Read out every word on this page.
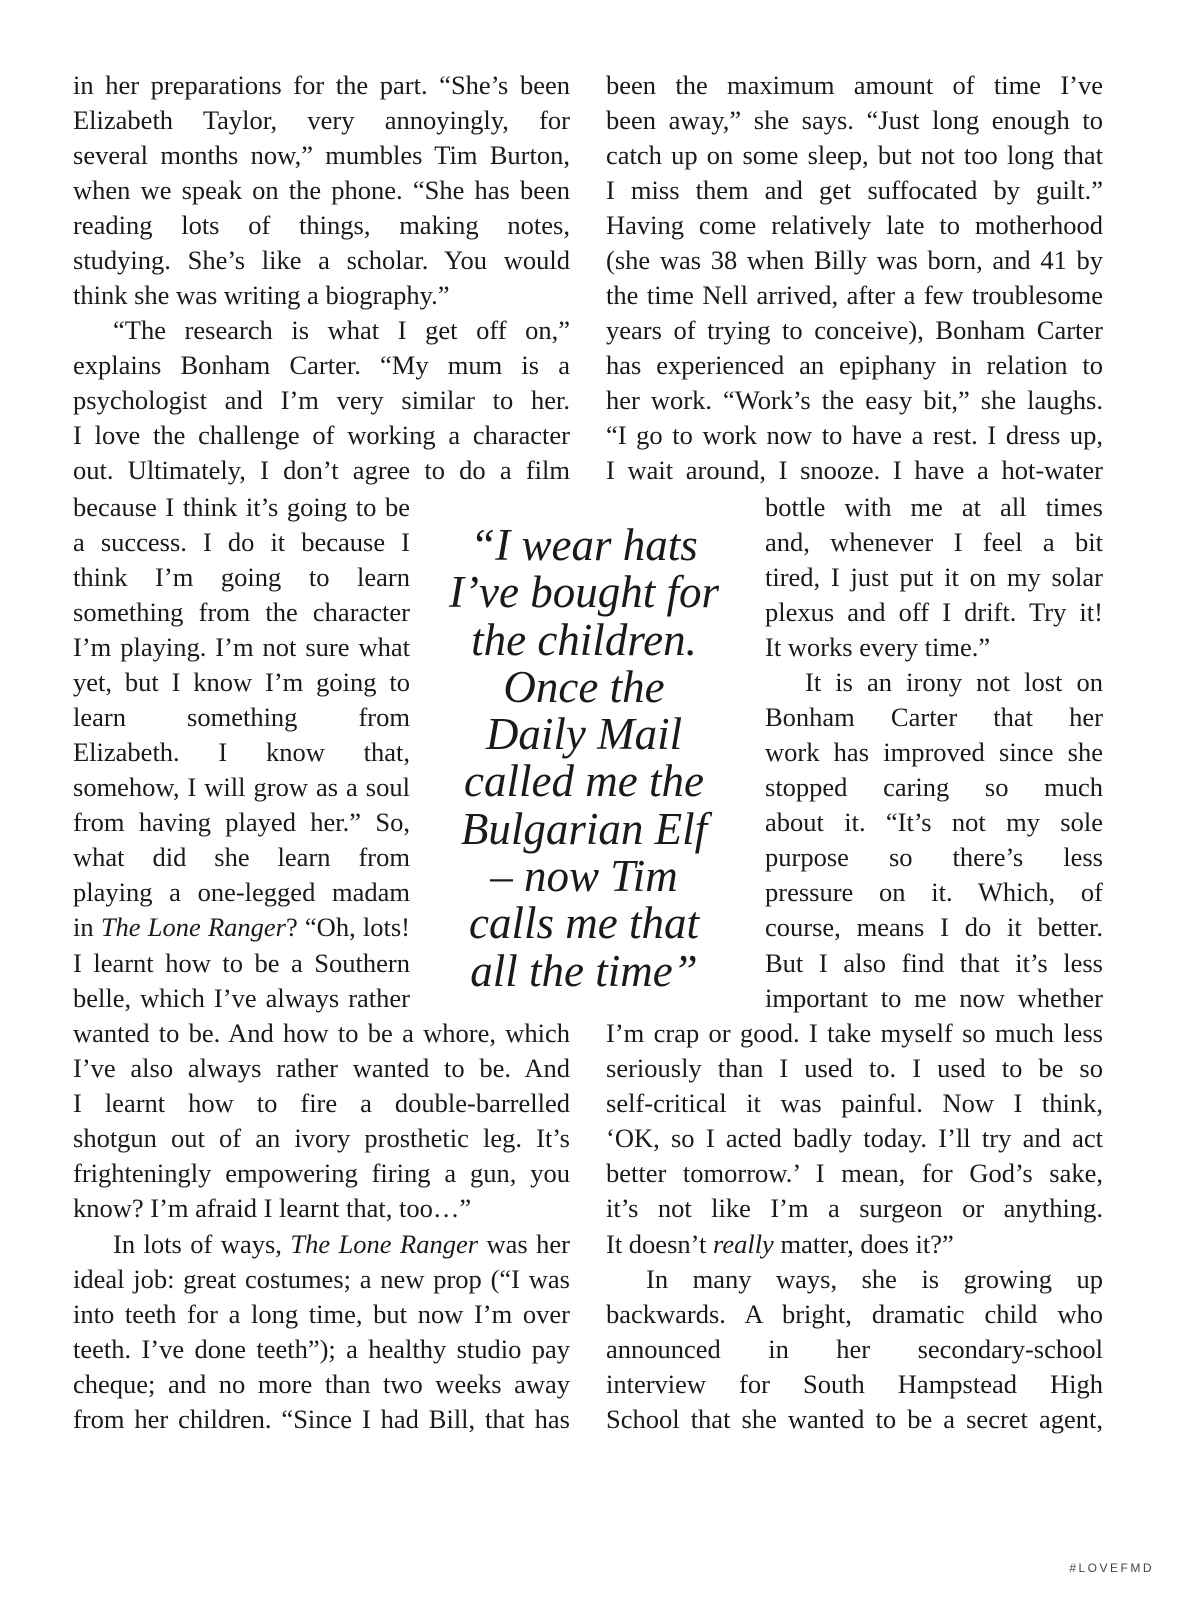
in her preparations for the part. “She’s been
Elizabeth Taylor, very annoyingly, for
several months now,” mumbles Tim Burton,
when we speak on the phone. “She has been
reading lots of things, making notes,
studying. She’s like a scholar. You would
think she was writing a biography.”
“The research is what I get off on,”
explains Bonham Carter. “My mum is a
psychologist and I’m very similar to her.
I love the challenge of working a character
out. Ultimately, I don’t agree to do a film
because I think it’s going to be
a success. I do it because I
think I’m going to learn
something from the character
I’m playing. I’m not sure what
yet, but I know I’m going to
learn something from
Elizabeth. I know that,
somehow, I will grow as a soul
from having played her.” So,
what did she learn from
playing a one-legged madam
in The Lone Ranger? “Oh, lots!
I learnt how to be a Southern
belle, which I’ve always rather
wanted to be. And how to be a whore, which
I’ve also always rather wanted to be. And
I learnt how to fire a double-barrelled
shotgun out of an ivory prosthetic leg. It’s
frighteningly empowering firing a gun, you
know? I’m afraid I learnt that, too…”
In lots of ways, The Lone Ranger was her
ideal job: great costumes; a new prop (“I was
into teeth for a long time, but now I’m over
teeth. I’ve done teeth”); a healthy studio pay
cheque; and no more than two weeks away
from her children. “Since I had Bill, that has
“I wear hats
I’ve bought for
the children.
Once the
Daily Mail
called me the
Bulgarian Elf
– now Tim
calls me that
all the time”
been the maximum amount of time I’ve
been away,” she says. “Just long enough to
catch up on some sleep, but not too long that
I miss them and get suffocated by guilt.”
Having come relatively late to motherhood
(she was 38 when Billy was born, and 41 by
the time Nell arrived, after a few troublesome
years of trying to conceive), Bonham Carter
has experienced an epiphany in relation to
her work. “Work’s the easy bit,” she laughs.
“I go to work now to have a rest. I dress up,
I wait around, I snooze. I have a hot-water
bottle with me at all times
and, whenever I feel a bit
tired, I just put it on my solar
plexus and off I drift. Try it!
It works every time.”
It is an irony not lost on
Bonham Carter that her
work has improved since she
stopped caring so much
about it. “It’s not my sole
purpose so there’s less
pressure on it. Which, of
course, means I do it better.
But I also find that it’s less
important to me now whether
I’m crap or good. I take myself so much less
seriously than I used to. I used to be so
self-critical it was painful. Now I think,
‘OK, so I acted badly today. I’ll try and act
better tomorrow.’ I mean, for God’s sake,
it’s not like I’m a surgeon or anything.
It doesn’t really matter, does it?”
In many ways, she is growing up
backwards. A bright, dramatic child who
announced in her secondary-school
interview for South Hampstead High
School that she wanted to be a secret agent,
#LOVEFMD
